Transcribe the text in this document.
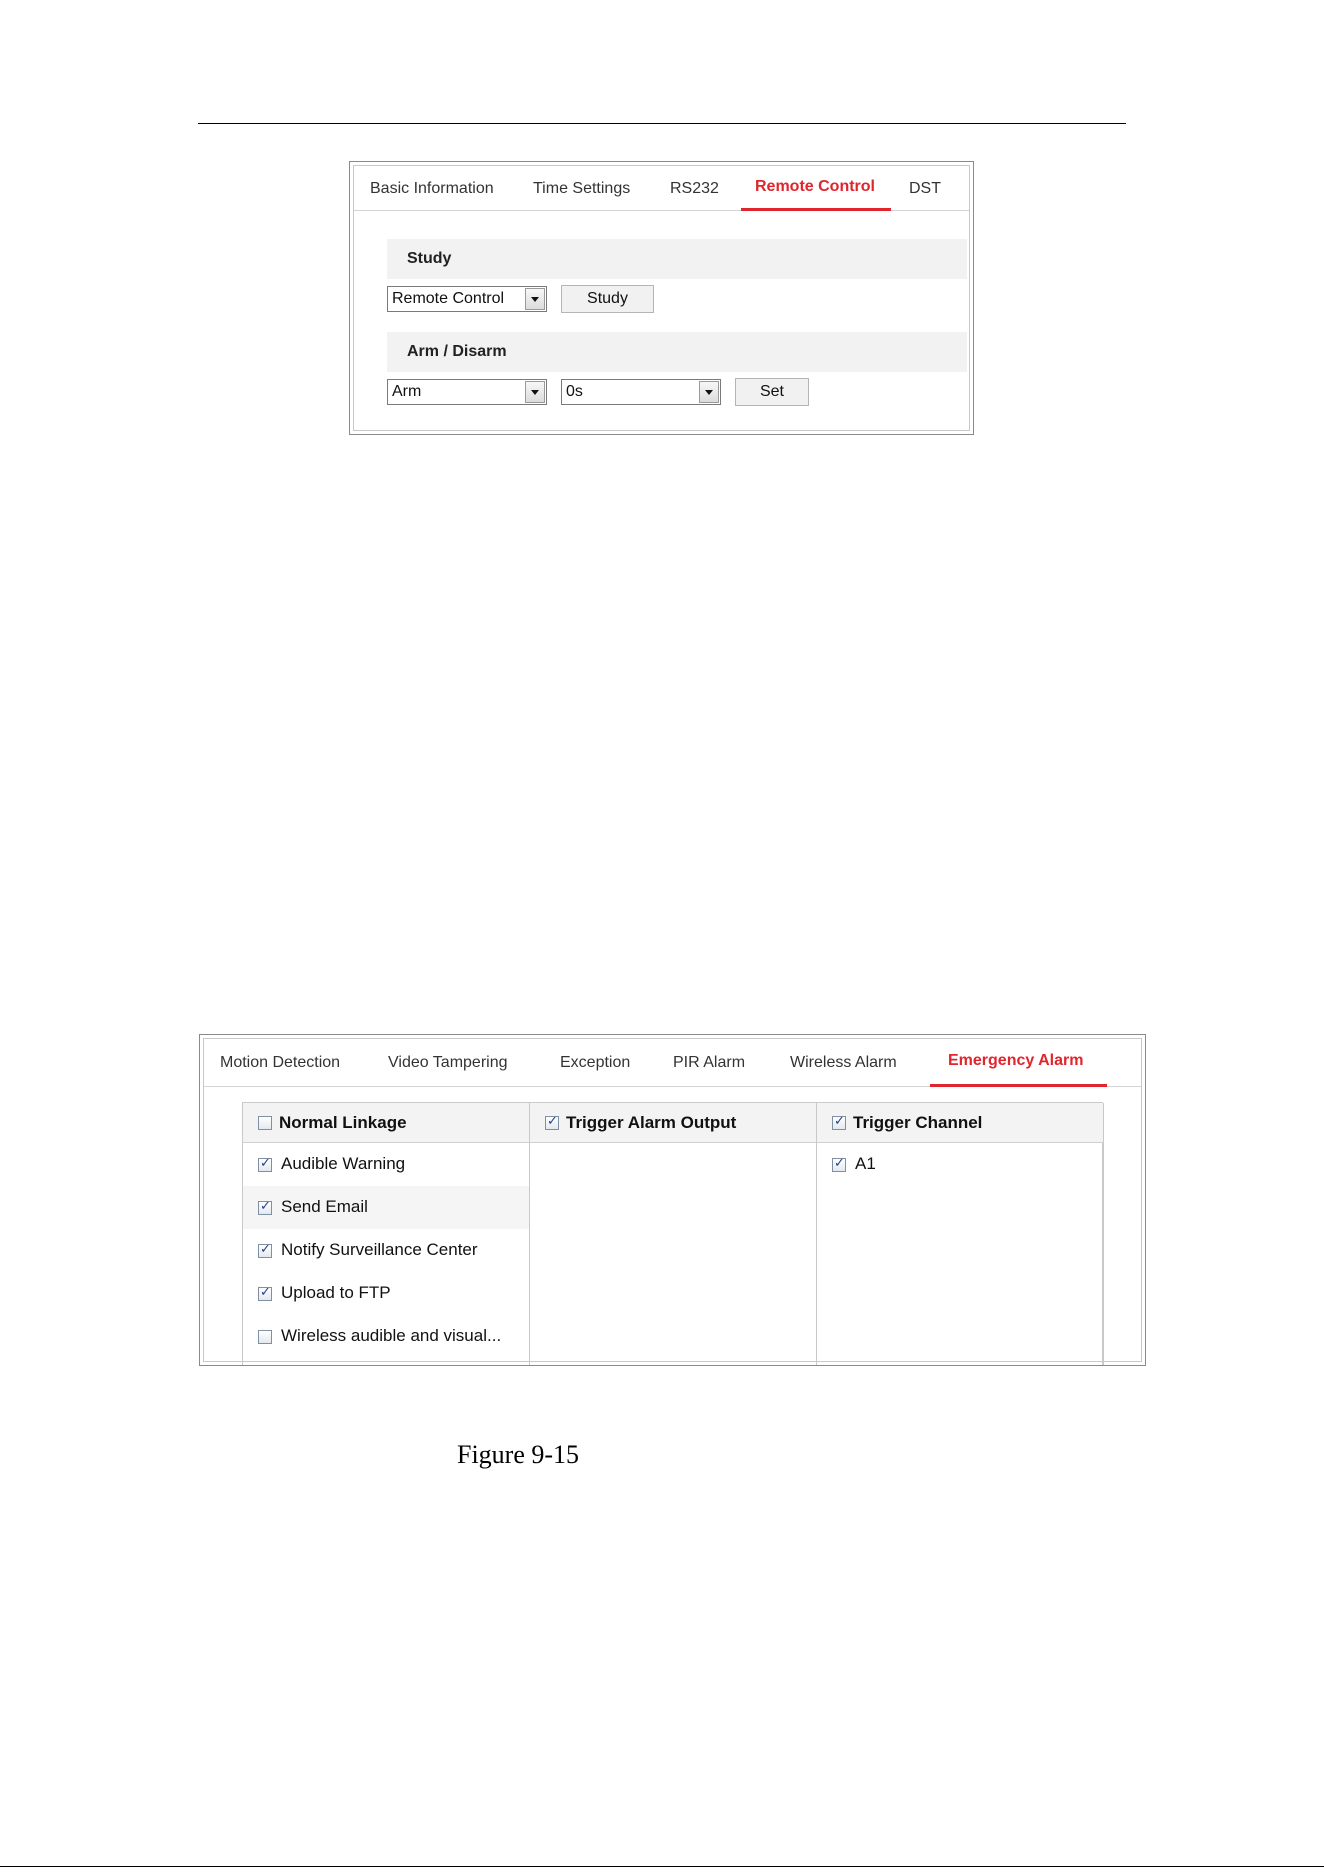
Basic Information Time Settings RS232 Remote Control DST
Study
Remote Control	Study
Arm / Disarm
Arm	0s	Set
Motion Detection	Video Tampering	Exception	PIR Alarm	Wireless Alarm	Emergency Alarm
Normal Linkage
✓
Audible Warning
✓
Send Email
✓
Notify Surveillance Center
✓
Upload to FTP
Wireless audible and visual...
✓
Trigger Alarm Output
✓	Trigger Channel
✓
A1
Figure 9-15
